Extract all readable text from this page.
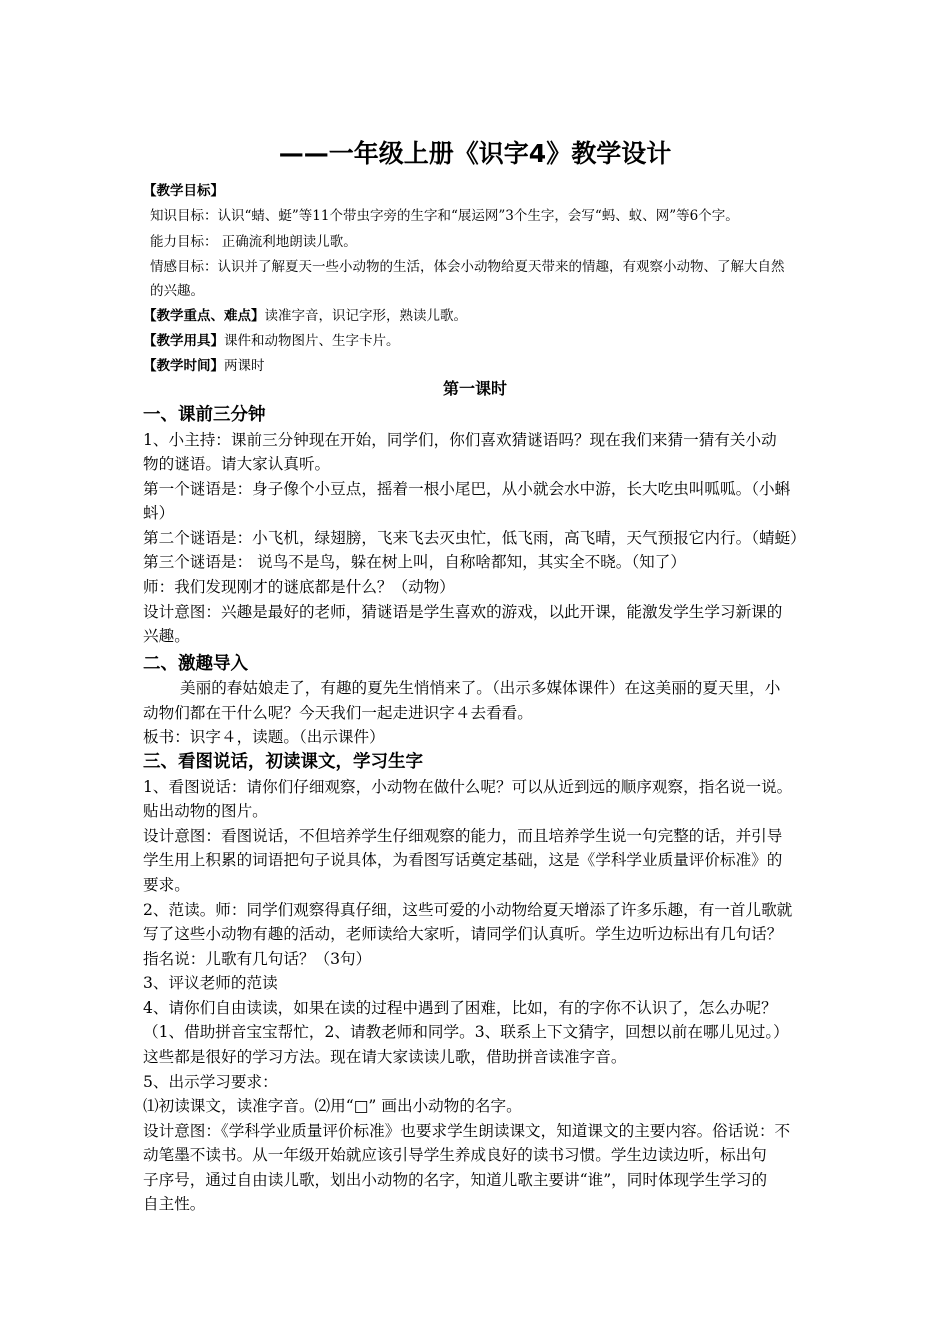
——一年级上册《识字4》教学设计
【教学目标】
知识目标：认识“蜻、蜓”等11个带虫字旁的生字和“展运网”3个生字，会写“蚂、蚁、网”等6个字。
能力目标： 正确流利地朗读儿歌。
情感目标：认识并了解夏天一些小动物的生活，体会小动物给夏天带来的情趣，有观察小动物、了解大自然
的兴趣。
【教学重点、难点】读准字音，识记字形，熟读儿歌。
【教学用具】课件和动物图片、生字卡片。
【教学时间】两课时
第一课时
一、课前三分钟
1、小主持：课前三分钟现在开始，同学们，你们喜欢猜谜语吗？现在我们来猜一猜有关小动
物的谜语。请大家认真听。
第一个谜语是：身子像个小豆点，摇着一根小尾巴，从小就会水中游，长大吃虫叫呱呱。（小蝌
蚪）
第二个谜语是：小飞机，绿翅膀，飞来飞去灭虫忙，低飞雨，高飞晴，天气预报它内行。（蜻蜓）
第三个谜语是： 说鸟不是鸟，躲在树上叫，自称啥都知，其实全不晓。（知了）
师：我们发现刚才的谜底都是什么？（动物）
设计意图：兴趣是最好的老师，猜谜语是学生喜欢的游戏，以此开课，能激发学生学习新课的
兴趣。
二、激趣导入
美丽的春姑娘走了，有趣的夏先生悄悄来了。（出示多媒体课件）在这美丽的夏天里，小
动物们都在干什么呢？今天我们一起走进识字４去看看。
板书：识字４，读题。（出示课件）
三、看图说话，初读课文，学习生字
1、看图说话：请你们仔细观察，小动物在做什么呢？可以从近到远的顺序观察，指名说一说。
贴出动物的图片。
设计意图：看图说话，不但培养学生仔细观察的能力，而且培养学生说一句完整的话，并引导
学生用上积累的词语把句子说具体，为看图写话奠定基础，这是《学科学业质量评价标准》的
要求。
2、范读。师：同学们观察得真仔细，这些可爱的小动物给夏天增添了许多乐趣，有一首儿歌就
写了这些小动物有趣的活动，老师读给大家听，请同学们认真听。学生边听边标出有几句话？
指名说：儿歌有几句话？（3句）
3、评议老师的范读
4、请你们自由读读，如果在读的过程中遇到了困难，比如，有的字你不认识了，怎么办呢？
（1、借助拼音宝宝帮忙，2、请教老师和同学。3、联系上下文猜字，回想以前在哪儿见过。）
这些都是很好的学习方法。现在请大家读读儿歌，借助拼音读准字音。
5、出示学习要求：
⑴初读课文，读准字音。⑵用“□” 画出小动物的名字。
设计意图：《学科学业质量评价标准》也要求学生朗读课文，知道课文的主要内容。俗话说：不
动笔墨不读书。从一年级开始就应该引导学生养成良好的读书习惯。学生边读边听，标出句
子序号，通过自由读儿歌，划出小动物的名字，知道儿歌主要讲“谁”，同时体现学生学习的
自主性。
